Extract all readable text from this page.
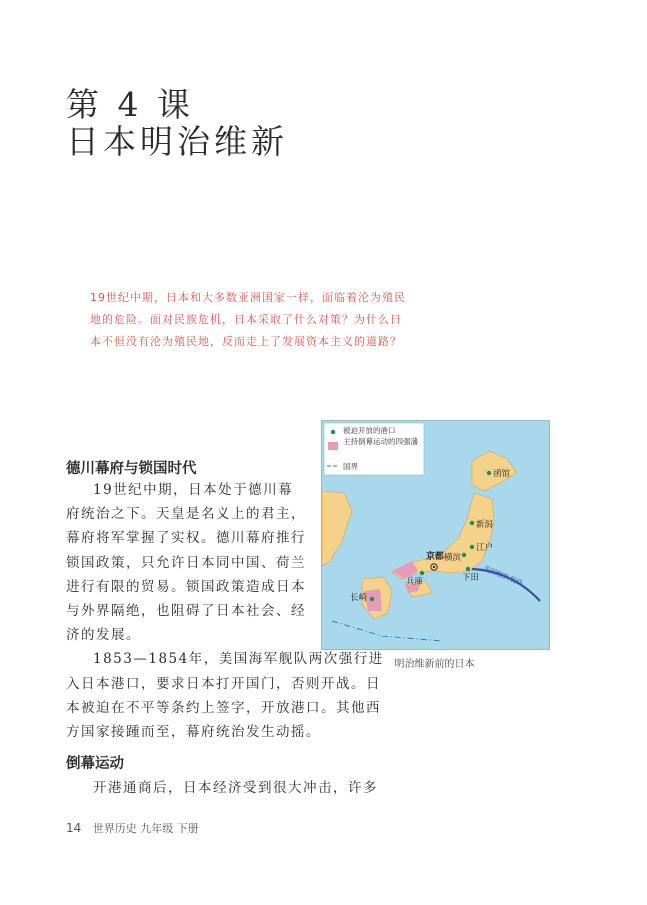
第 4 课
日本明治维新

19世纪中期，日本和大多数亚洲国家一样，面临着沦为殖民地的危险。面对民族危机，日本采取了什么对策？为什么日本不但没有沦为殖民地，反而走上了发展资本主义的道路？

德川幕府与锁国时代

19世纪中期，日本处于德川幕府统治之下。天皇是名义上的君主，幕府将军掌握了实权。德川幕府推行锁国政策，只允许日本同中国、荷兰进行有限的贸易。锁国政策造成日本与外界隔绝，也阻碍了日本社会、经济的发展。

1853—1854年，美国海军舰队两次强行进入日本港口，要求日本打开国门，否则开战。日本被迫在不平等条约上签字，开放港口。其他西方国家接踵而至，幕府统治发生动摇。

倒幕运动

开港通商后，日本经济受到很大冲击，许多

被迫开放的港口
主持倒幕运动的四强藩
国界
函馆
新潟
江户
横滨
下田
京都
兵庫
长崎
美国舰队航线
明治维新前的日本
14 世界历史 九年级 下册
